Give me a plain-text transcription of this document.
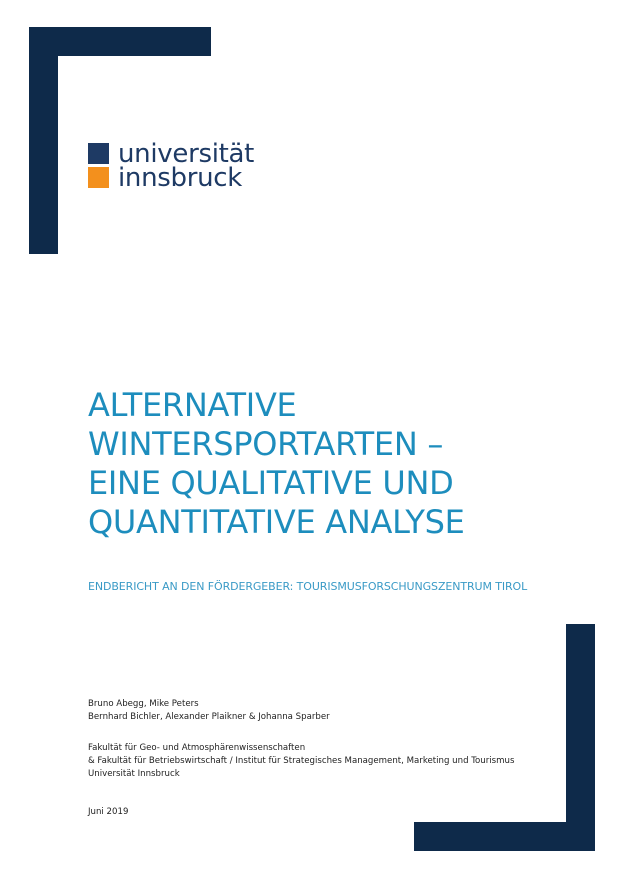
universität
innsbruck
ALTERNATIVE
WINTERSPORTARTEN –
EINE QUALITATIVE UND
QUANTITATIVE ANALYSE
ENDBERICHT AN DEN FÖRDERGEBER: TOURISMUSFORSCHUNGSZENTRUM TIROL
Bruno Abegg, Mike Peters
Bernhard Bichler, Alexander Plaikner & Johanna Sparber
Fakultät für Geo- und Atmosphärenwissenschaften
& Fakultät für Betriebswirtschaft / Institut für Strategisches Management, Marketing und Tourismus
Universität Innsbruck
Juni 2019
